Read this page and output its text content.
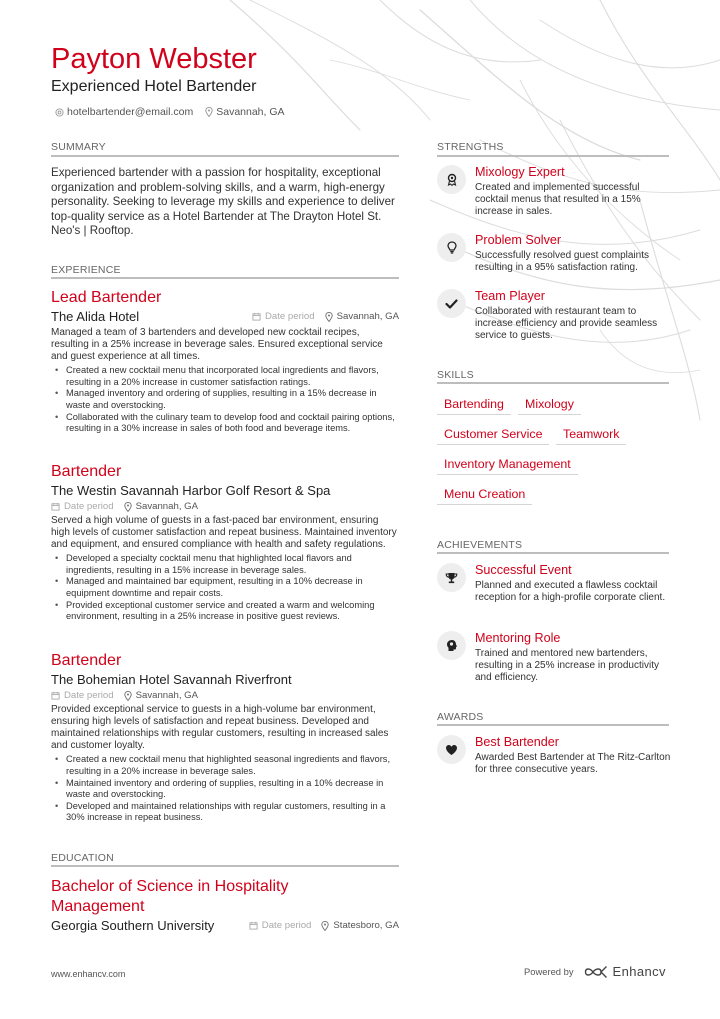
Payton Webster
Experienced Hotel Bartender
hotelbartender@email.com Savannah, GA
SUMMARY
Experienced bartender with a passion for hospitality, exceptional organization and problem-solving skills, and a warm, high-energy personality. Seeking to leverage my skills and experience to deliver top-quality service as a Hotel Bartender at The Drayton Hotel St. Neo's | Rooftop.
EXPERIENCE
Lead Bartender
The Alida Hotel	Date period Savannah, GA
Managed a team of 3 bartenders and developed new cocktail recipes, resulting in a 25% increase in beverage sales. Ensured exceptional service and guest experience at all times.
• Created a new cocktail menu that incorporated local ingredients and flavors, resulting in a 20% increase in customer satisfaction ratings.
• Managed inventory and ordering of supplies, resulting in a 15% decrease in waste and overstocking.
• Collaborated with the culinary team to develop food and cocktail pairing options, resulting in a 30% increase in sales of both food and beverage items.
Bartender
The Westin Savannah Harbor Golf Resort & Spa
Date period Savannah, GA
Served a high volume of guests in a fast-paced bar environment, ensuring high levels of customer satisfaction and repeat business. Maintained inventory and equipment, and ensured compliance with health and safety regulations.
• Developed a specialty cocktail menu that highlighted local flavors and ingredients, resulting in a 15% increase in beverage sales.
• Managed and maintained bar equipment, resulting in a 10% decrease in equipment downtime and repair costs.
• Provided exceptional customer service and created a warm and welcoming environment, resulting in a 25% increase in positive guest reviews.
Bartender
The Bohemian Hotel Savannah Riverfront
Date period Savannah, GA
Provided exceptional service to guests in a high-volume bar environment, ensuring high levels of satisfaction and repeat business. Developed and maintained relationships with regular customers, resulting in increased sales and customer loyalty.
• Created a new cocktail menu that highlighted seasonal ingredients and flavors, resulting in a 20% increase in beverage sales.
• Maintained inventory and ordering of supplies, resulting in a 10% decrease in waste and overstocking.
• Developed and maintained relationships with regular customers, resulting in a 30% increase in repeat business.
EDUCATION
Bachelor of Science in Hospitality Management
Georgia Southern University	Date period Statesboro, GA
STRENGTHS
Mixology Expert
Created and implemented successful cocktail menus that resulted in a 15% increase in sales.
Problem Solver
Successfully resolved guest complaints resulting in a 95% satisfaction rating.
Team Player
Collaborated with restaurant team to increase efficiency and provide seamless service to guests.
SKILLS
Bartending	Mixology
Customer Service	Teamwork
Inventory Management
Menu Creation
ACHIEVEMENTS
Successful Event
Planned and executed a flawless cocktail reception for a high-profile corporate client.
Mentoring Role
Trained and mentored new bartenders, resulting in a 25% increase in productivity and efficiency.
AWARDS
Best Bartender
Awarded Best Bartender at The Ritz-Carlton for three consecutive years.
www.enhancv.com	Powered by	Enhancv
